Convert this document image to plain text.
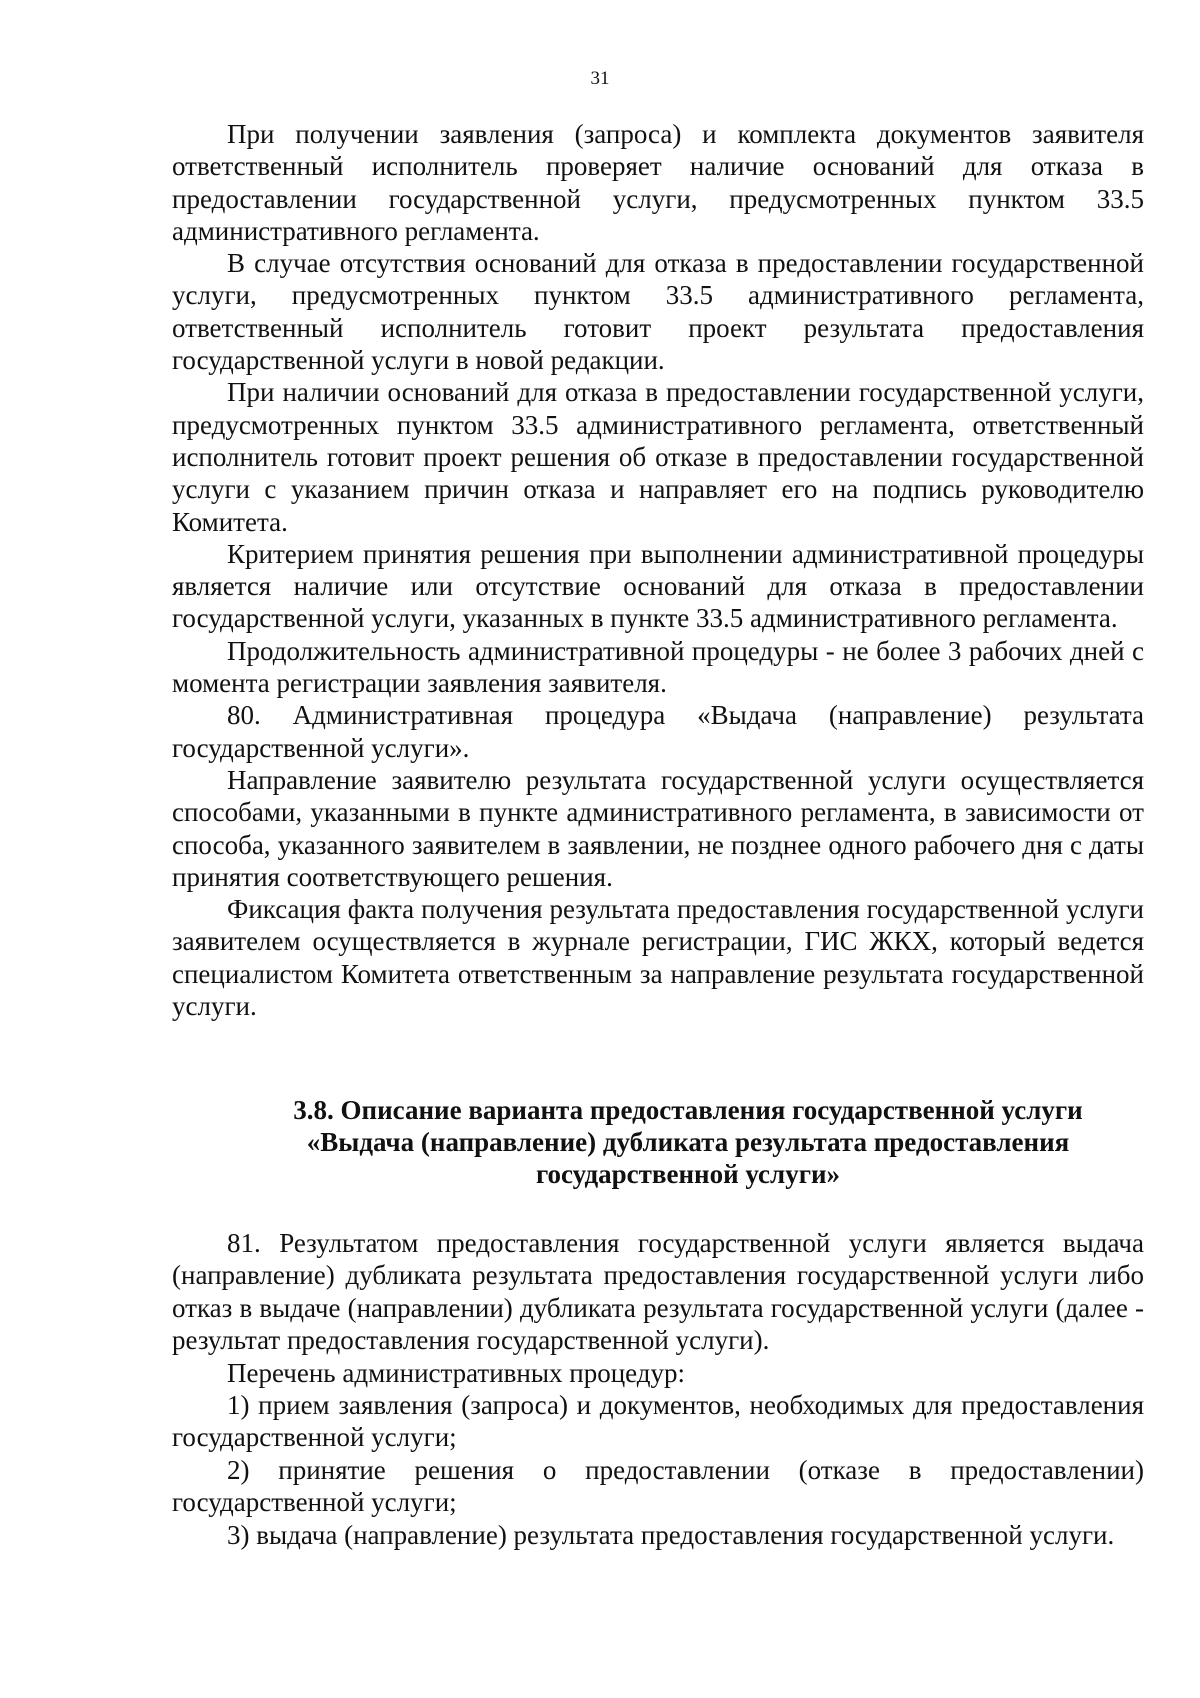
31

При получении заявления (запроса) и комплекта документов заявителя ответственный исполнитель проверяет наличие оснований для отказа в предоставлении государственной услуги, предусмотренных пунктом 33.5 административного регламента.

В случае отсутствия оснований для отказа в предоставлении государственной услуги, предусмотренных пунктом 33.5 административного регламента, ответственный исполнитель готовит проект результата предоставления государственной услуги в новой редакции.

При наличии оснований для отказа в предоставлении государственной услуги, предусмотренных пунктом 33.5 административного регламента, ответственный исполнитель готовит проект решения об отказе в предоставлении государственной услуги с указанием причин отказа и направляет его на подпись руководителю Комитета.

Критерием принятия решения при выполнении административной процедуры является наличие или отсутствие оснований для отказа в предоставлении государственной услуги, указанных в пункте 33.5 административного регламента.

Продолжительность административной процедуры - не более 3 рабочих дней с момента регистрации заявления заявителя.

80. Административная процедура «Выдача (направление) результата государственной услуги».

Направление заявителю результата государственной услуги осуществляется способами, указанными в пункте административного регламента, в зависимости от способа, указанного заявителем в заявлении, не позднее одного рабочего дня с даты принятия соответствующего решения.

Фиксация факта получения результата предоставления государственной услуги заявителем осуществляется в журнале регистрации, ГИС ЖКХ, который ведется специалистом Комитета ответственным за направление результата государственной услуги.

3.8. Описание варианта предоставления государственной услуги
«Выдача (направление) дубликата результата предоставления
государственной услуги»

81. Результатом предоставления государственной услуги является выдача (направление) дубликата результата предоставления государственной услуги либо отказ в выдаче (направлении) дубликата результата государственной услуги (далее - результат предоставления государственной услуги).

Перечень административных процедур:

1) прием заявления (запроса) и документов, необходимых для предоставления государственной услуги;

2) принятие решения о предоставлении (отказе в предоставлении) государственной услуги;

3) выдача (направление) результата предоставления государственной услуги.
